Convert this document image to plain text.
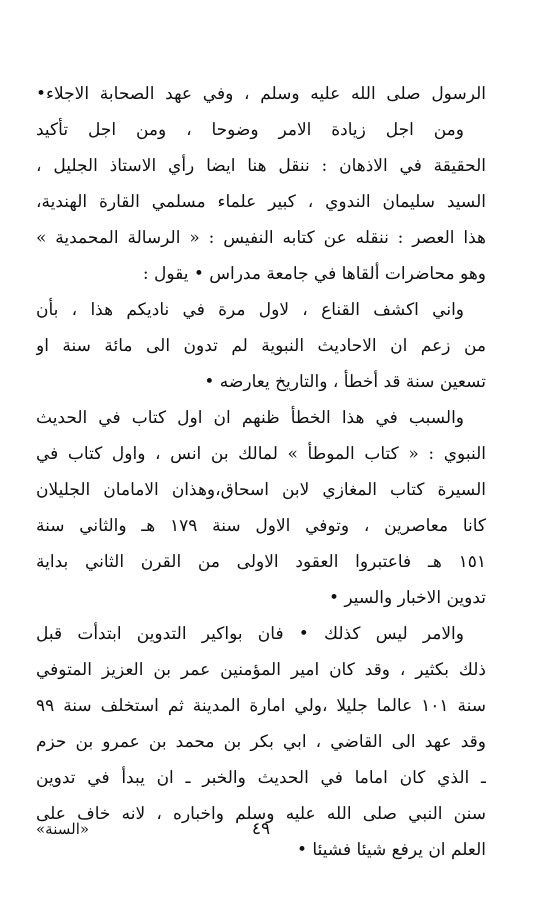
الرسول صلى الله عليه وسلم ، وفي عهد الصحابة الاجلاء•
ومن اجل زيادة الامر وضوحا ، ومن اجل تأكيد
الحقيقة في الاذهان : ننقل هنا ايضا رأي الاستاذ الجليل ،
السيد سليمان الندوي ، كبير علماء مسلمي القارة الهندية،
هذا العصر : ننقله عن كتابه النفيس : « الرسالة المحمدية »
وهو محاضرات ألقاها في جامعة مدراس • يقول :
واني اكشف القناع ، لاول مرة في ناديكم هذا ، بأن
من زعم ان الاحاديث النبوية لم تدون الى مائة سنة او
تسعين سنة قد أخطأ ، والتاريخ يعارضه •
والسبب في هذا الخطأ ظنهم ان اول كتاب في الحديث
النبوي : « كتاب الموطأ » لمالك بن انس ، واول كتاب في
السيرة كتاب المغازي لابن اسحاق،وهذان الامامان الجليلان
كانا معاصرين ، وتوفي الاول سنة ١٧٩ هـ والثاني سنة
١٥١ هـ فاعتبروا العقود الاولى من القرن الثاني بداية
تدوين الاخبار والسير •
والامر ليس كذلك • فان بواكير التدوين ابتدأت قبل
ذلك بكثير ، وقد كان امير المؤمنين عمر بن العزيز المتوفي
سنة ١٠١ عالما جليلا ،ولي امارة المدينة ثم استخلف سنة ٩٩
وقد عهد الى القاضي ، ابي بكر بن محمد بن عمرو بن حزم
ـ الذي كان اماما في الحديث والخبر ـ ان يبدأ في تدوين
سنن النبي صلى الله عليه وسلم واخباره ، لانه خاف على
العلم ان يرفع شيئا فشيئا •
٤٩
«السنة»
